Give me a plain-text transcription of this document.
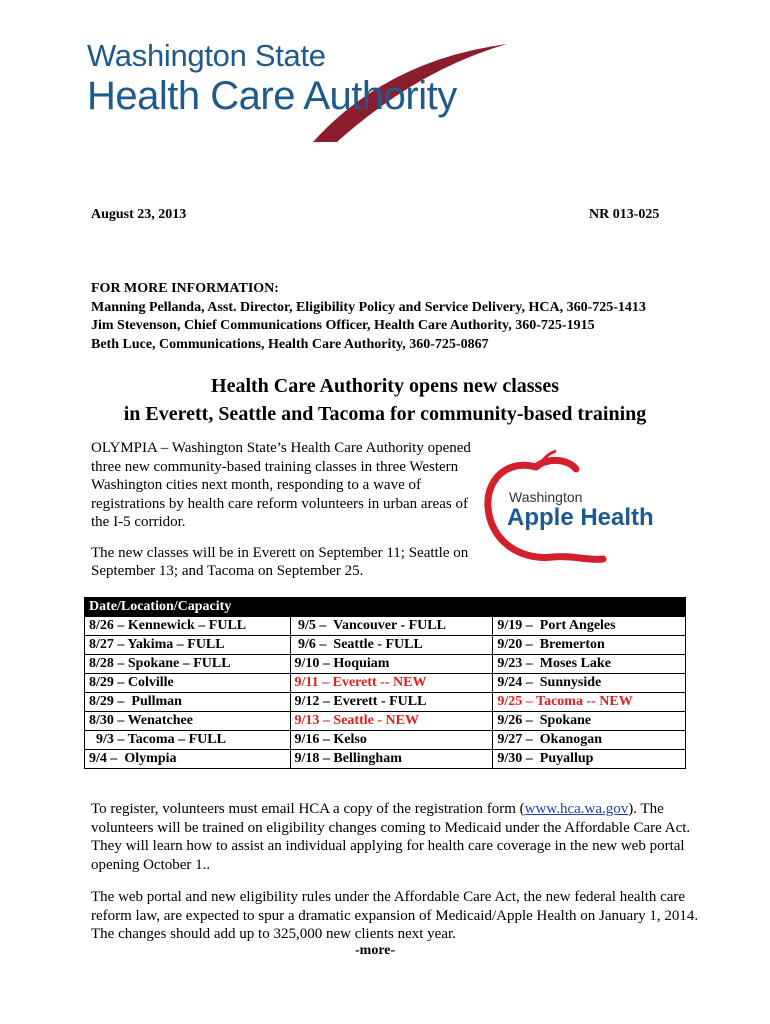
Washington State
Health Care Authority
August 23, 2013	NR 013-025
FOR MORE INFORMATION:
Manning Pellanda, Asst. Director, Eligibility Policy and Service Delivery, HCA, 360-725-1413
Jim Stevenson, Chief Communications Officer, Health Care Authority, 360-725-1915
Beth Luce, Communications, Health Care Authority, 360-725-0867
Health Care Authority opens new classes
in Everett, Seattle and Tacoma for community-based training

OLYMPIA – Washington State’s Health Care Authority opened three new community-based training classes in three Western Washington cities next month, responding to a wave of registrations by health care reform volunteers in urban areas of the I-5 corridor.

The new classes will be in Everett on September 11; Seattle on September 13; and Tacoma on September 25.

Washington
Apple Health
Date/Location/Capacity		
8/26 – Kennewick – FULL	9/5 –  Vancouver - FULL	9/19 –  Port Angeles
8/27 – Yakima – FULL	9/6 –  Seattle - FULL	9/20 –  Bremerton
8/28 – Spokane – FULL	9/10 – Hoquiam	9/23 –  Moses Lake
8/29 – Colville	9/11 – Everett -- NEW	9/24 –  Sunnyside
8/29 –  Pullman	9/12 – Everett - FULL	9/25 – Tacoma -- NEW
8/30 – Wenatchee	9/13 – Seattle - NEW	9/26 –  Spokane
9/3 – Tacoma – FULL	9/16 – Kelso	9/27 –  Okanogan
9/4 –  Olympia	9/18 – Bellingham	9/30 –  Puyallup
To register, volunteers must email HCA a copy of the registration form (www.hca.wa.gov). The volunteers will be trained on eligibility changes coming to Medicaid under the Affordable Care Act. They will learn how to assist an individual applying for health care coverage in the new web portal opening October 1..
The web portal and new eligibility rules under the Affordable Care Act, the new federal health care reform law, are expected to spur a dramatic expansion of Medicaid/Apple Health on January 1, 2014. The changes should add up to 325,000 new clients next year.
-more-
